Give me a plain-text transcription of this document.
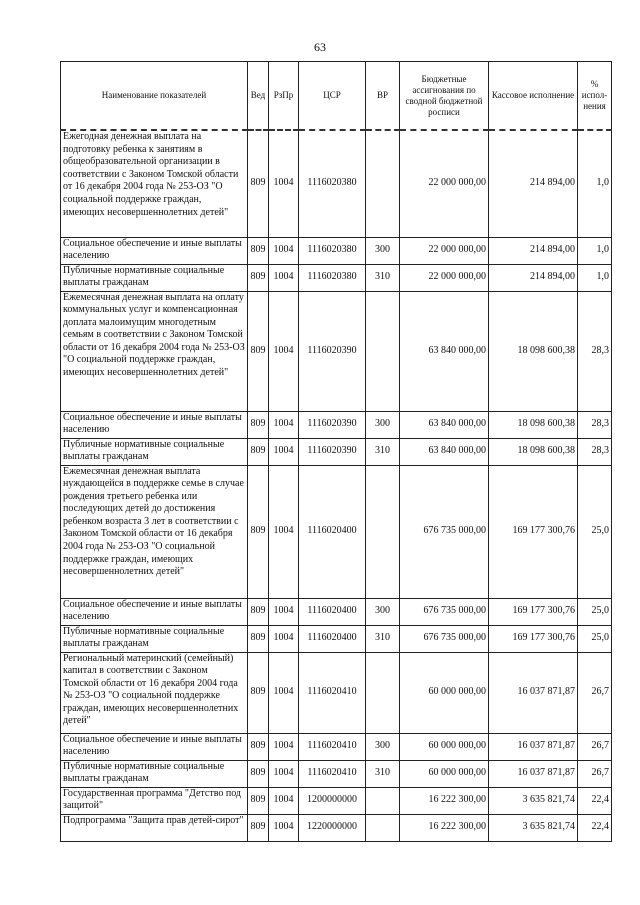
63
Наименование показателей	Вед	РзПр	ЦСР	ВР	Бюджетные ассигнования по сводной бюджетной росписи	Кассовое исполнение	% испол-нения
Ежегодная денежная выплата на подготовку ребенка к занятиям в общеобразовательной организации в соответствии с Законом Томской области от 16 декабря 2004 года № 253-ОЗ "О социальной поддержке граждан, имеющих несовершеннолетних детей"	809	1004	1116020380		22 000 000,00	214 894,00	1,0
Социальное обеспечение и иные выплаты населению	809	1004	1116020380	300	22 000 000,00	214 894,00	1,0
Публичные нормативные социальные выплаты гражданам	809	1004	1116020380	310	22 000 000,00	214 894,00	1,0
Ежемесячная денежная выплата на оплату коммунальных услуг и компенсационная доплата малоимущим многодетным семьям в соответствии с Законом Томской области от 16 декабря 2004 года № 253-ОЗ "О социальной поддержке граждан, имеющих несовершеннолетних детей"	809	1004	1116020390		63 840 000,00	18 098 600,38	28,3
Социальное обеспечение и иные выплаты населению	809	1004	1116020390	300	63 840 000,00	18 098 600,38	28,3
Публичные нормативные социальные выплаты гражданам	809	1004	1116020390	310	63 840 000,00	18 098 600,38	28,3
Ежемесячная денежная выплата нуждающейся в поддержке семье в случае рождения третьего ребенка или последующих детей до достижения ребенком возраста 3 лет в соответствии с Законом Томской области от 16 декабря 2004 года № 253-ОЗ "О социальной поддержке граждан, имеющих несовершеннолетних детей"	809	1004	1116020400		676 735 000,00	169 177 300,76	25,0
Социальное обеспечение и иные выплаты населению	809	1004	1116020400	300	676 735 000,00	169 177 300,76	25,0
Публичные нормативные социальные выплаты гражданам	809	1004	1116020400	310	676 735 000,00	169 177 300,76	25,0
Региональный материнский (семейный) капитал в соответствии с Законом Томской области от 16 декабря 2004 года № 253-ОЗ "О социальной поддержке граждан, имеющих несовершеннолетних детей"	809	1004	1116020410		60 000 000,00	16 037 871,87	26,7
Социальное обеспечение и иные выплаты населению	809	1004	1116020410	300	60 000 000,00	16 037 871,87	26,7
Публичные нормативные социальные выплаты гражданам	809	1004	1116020410	310	60 000 000,00	16 037 871,87	26,7
Государственная программа "Детство под защитой"	809	1004	1200000000		16 222 300,00	3 635 821,74	22,4
Подпрограмма "Защита прав детей-сирот"	809	1004	1220000000		16 222 300,00	3 635 821,74	22,4
